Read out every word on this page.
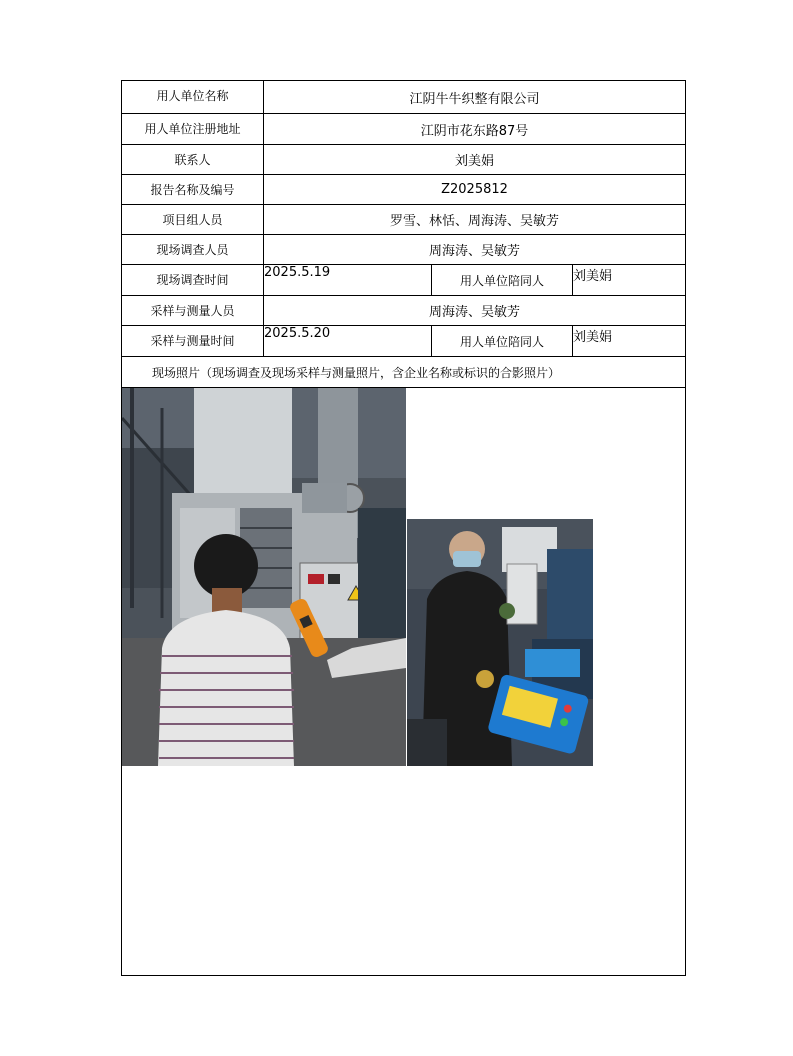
用人单位名称	江阴牛牛织整有限公司
用人单位注册地址	江阴市花东路87号
联系人	刘美娟
报告名称及编号	Z2025812
项目组人员	罗雪、林恬、周海涛、吴敏芳
现场调查人员	周海涛、吴敏芳
现场调查时间	2025.5.19
用人单位陪同人	刘美娟
采样与测量人员	周海涛、吴敏芳
采样与测量时间	2025.5.20
用人单位陪同人	刘美娟
现场照片（现场调查及现场采样与测量照片，含企业名称或标识的合影照片）
